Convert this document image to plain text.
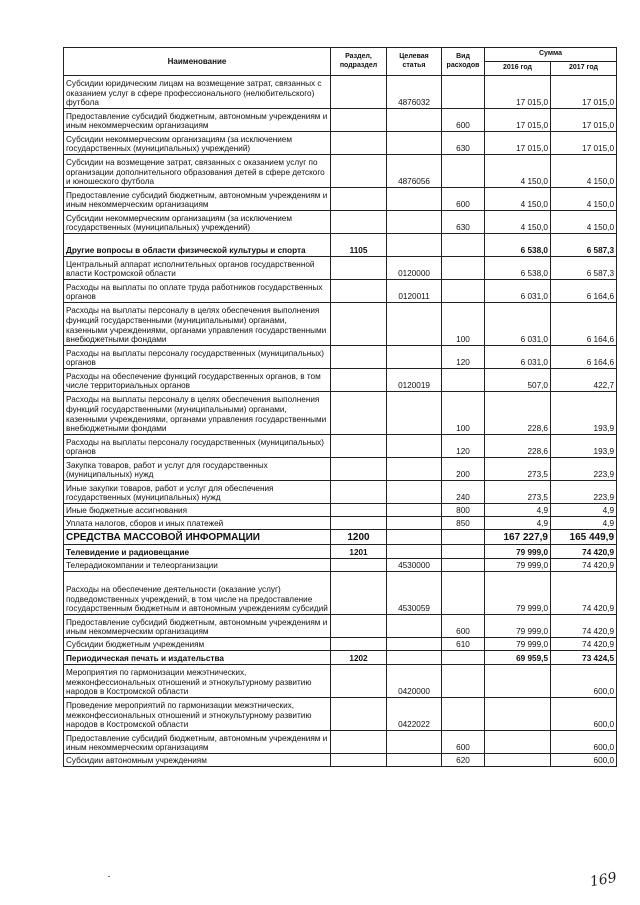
Наименование	Раздел, подраздел	Целевая статья	Вид расходов	Сумма	
				2016 год	2017 год
Субсидии юридическим лицам на возмещение затрат, связанных с оказанием услуг в сфере профессионального (нелюбительского) футбола		4876032		17 015,0	17 015,0
Предоставление субсидий бюджетным, автономным учреждениям и иным некоммерческим организациям			600	17 015,0	17 015,0
Субсидии некоммерческим организациям (за исключением государственных (муниципальных) учреждений)			630	17 015,0	17 015,0
Субсидии на возмещение затрат, связанных с оказанием услуг по организации дополнительного образования детей в сфере детского и юношеского футбола		4876056		4 150,0	4 150,0
Предоставление субсидий бюджетным, автономным учреждениям и иным некоммерческим организациям			600	4 150,0	4 150,0
Субсидии некоммерческим организациям (за исключением государственных (муниципальных) учреждений)			630	4 150,0	4 150,0
Другие вопросы в области физической культуры и спорта	1105			6 538,0	6 587,3
Центральный аппарат исполнительных органов государственной власти Костромской области		0120000		6 538,0	6 587,3
Расходы на выплаты по оплате труда работников государственных органов		0120011		6 031,0	6 164,6
Расходы на выплаты персоналу в целях обеспечения выполнения функций государственными (муниципальными) органами, казенными учреждениями, органами управления государственными внебюджетными фондами			100	6 031,0	6 164,6
Расходы на выплаты персоналу государственных (муниципальных) органов			120	6 031,0	6 164,6
Расходы на обеспечение функций государственных органов, в том числе территориальных органов		0120019		507,0	422,7
Расходы на выплаты персоналу в целях обеспечения выполнения функций государственными (муниципальными) органами, казенными учреждениями, органами управления государственными внебюджетными фондами			100	228,6	193,9
Расходы на выплаты персоналу государственных (муниципальных) органов			120	228,6	193,9
Закупка товаров, работ и услуг для государственных (муниципальных) нужд			200	273,5	223,9
Иные закупки товаров, работ и услуг для обеспечения государственных (муниципальных) нужд			240	273,5	223,9
Иные бюджетные ассигнования			800	4,9	4,9
Уплата налогов, сборов и иных платежей			850	4,9	4,9
СРЕДСТВА МАССОВОЙ ИНФОРМАЦИИ	1200			167 227,9	165 449,9
Телевидение и радиовещание	1201			79 999,0	74 420,9
Телерадиокомпании и телеорганизации		4530000		79 999,0	74 420,9
Расходы на обеспечение деятельности (оказание услуг) подведомственных учреждений, в том числе на предоставление государственным бюджетным и автономным учреждениям субсидий		4530059		79 999,0	74 420,9
Предоставление субсидий бюджетным, автономным учреждениям и иным некоммерческим организациям			600	79 999,0	74 420,9
Субсидии бюджетным учреждениям			610	79 999,0	74 420,9
Периодическая печать и издательства	1202			69 959,5	73 424,5
Мероприятия по гармонизации межэтнических, межконфессиональных отношений и этнокультурному развитию народов в Костромской области		0420000			600,0
Проведение мероприятий по гармонизации межэтнических, межконфессиональных отношений и этнокультурному развитию народов в Костромской области		0422022			600,0
Предоставление субсидий бюджетным, автономным учреждениям и иным некоммерческим организациям			600		600,0
Субсидии автономным учреждениям			620		600,0
169
